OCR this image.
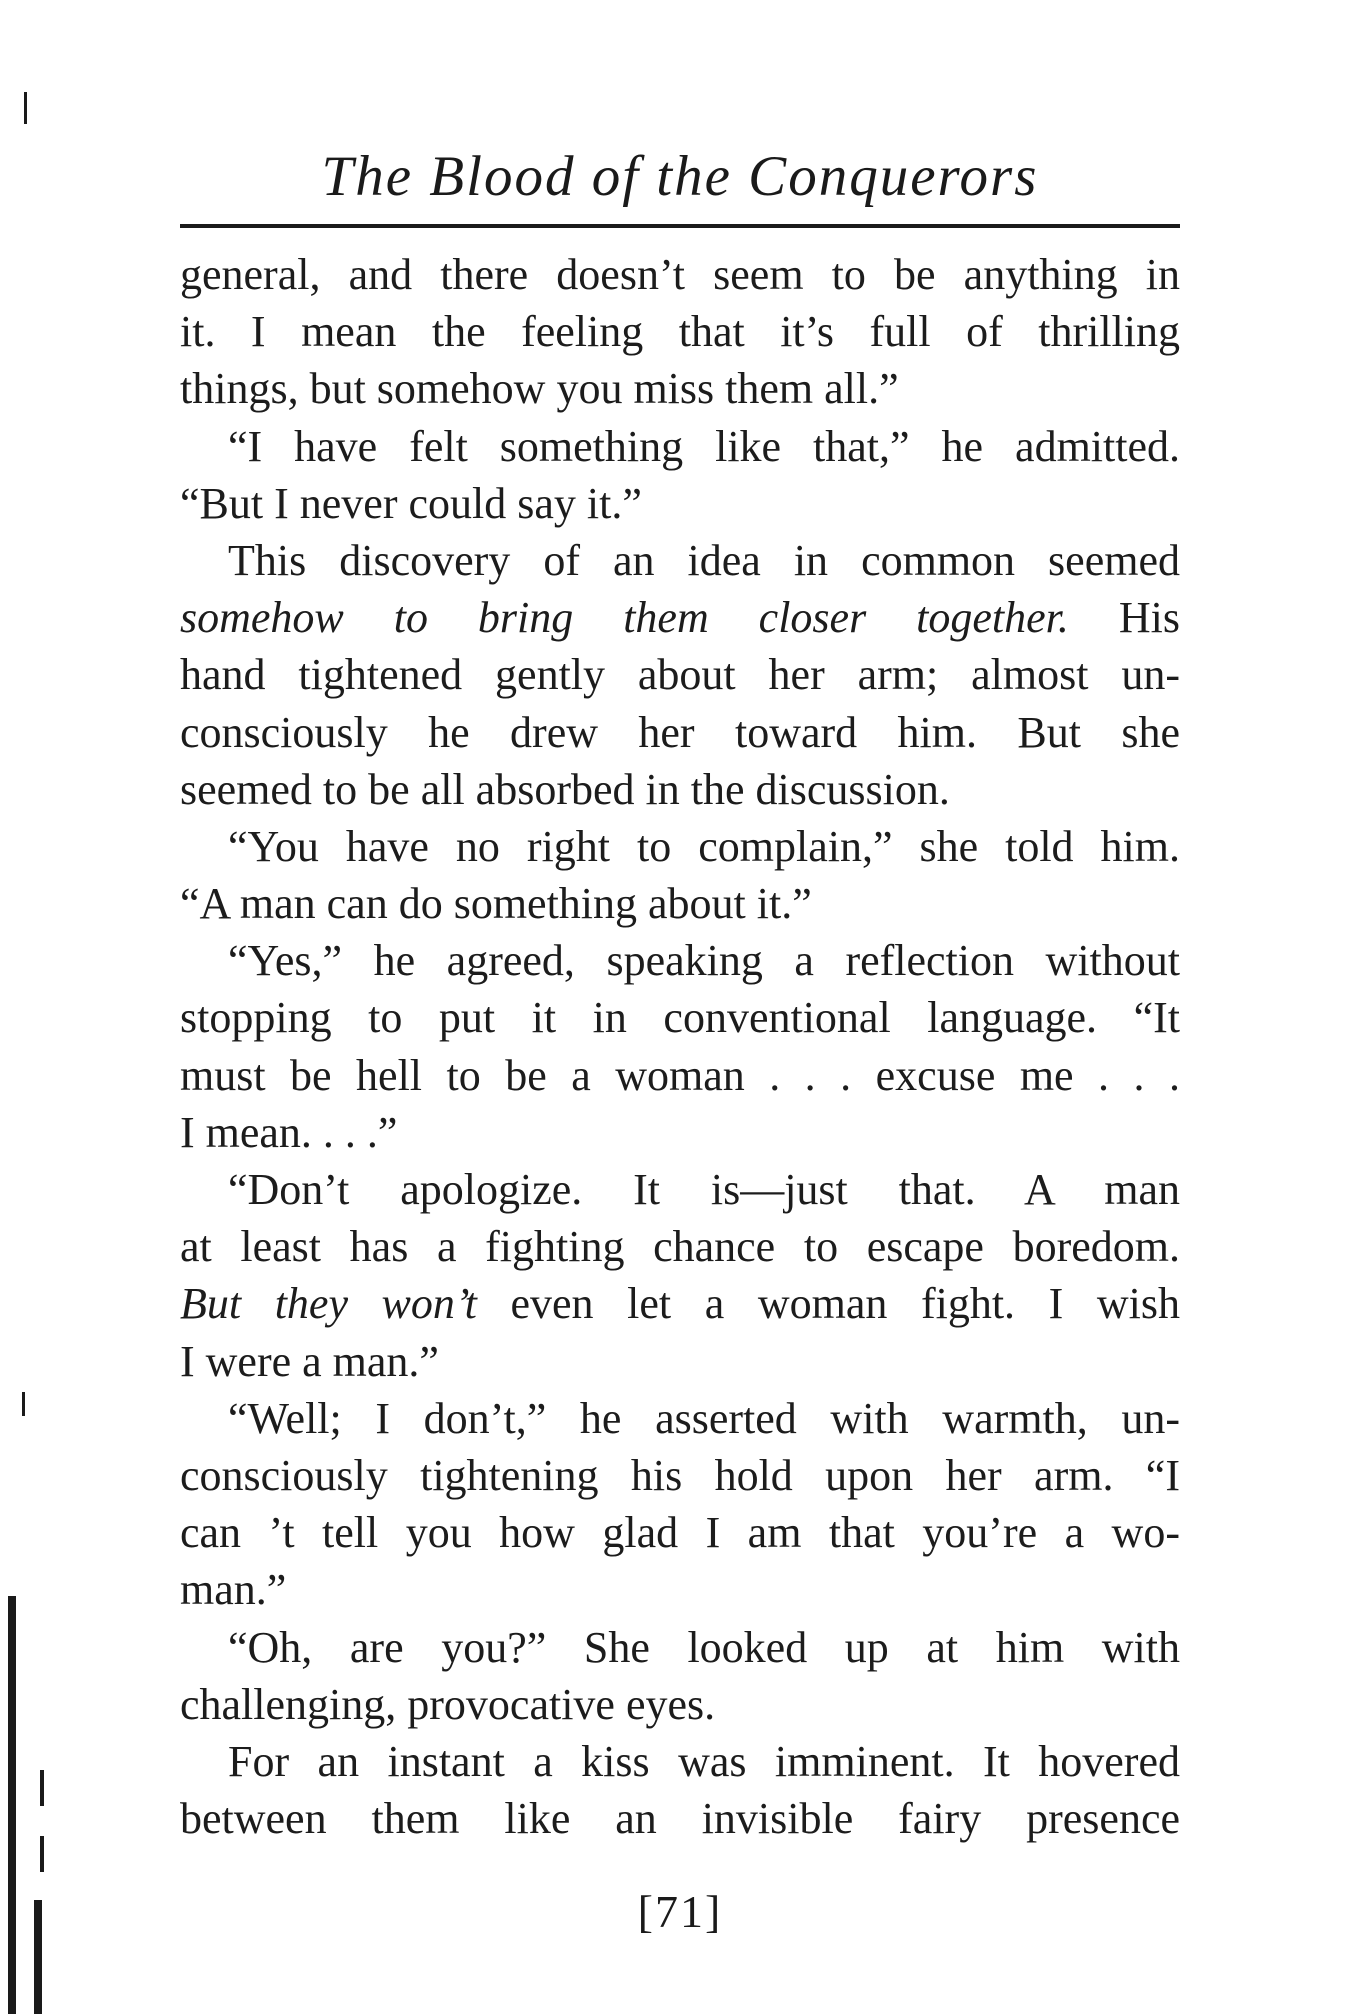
The Blood of the Conquerors
general, and there doesn’t seem to be anything in
it. I mean the feeling that it’s full of thrilling
things, but somehow you miss them all.”
“I have felt something like that,” he admitted.
“But I never could say it.”
This discovery of an idea in common seemed
somehow to bring them closer together. His
hand tightened gently about her arm; almost un-
consciously he drew her toward him. But she
seemed to be all absorbed in the discussion.
“You have no right to complain,” she told him.
“A man can do something about it.”
“Yes,” he agreed, speaking a reflection without
stopping to put it in conventional language. “It
must be hell to be a woman . . . excuse me . . .
I mean. . . .”
“Don’t apologize. It is—just that. A man
at least has a fighting chance to escape boredom.
But they won’t even let a woman fight. I wish
I were a man.”
“Well; I don’t,” he asserted with warmth, un-
consciously tightening his hold upon her arm. “I
can ’t tell you how glad I am that you’re a wo-
man.”
“Oh, are you?” She looked up at him with
challenging, provocative eyes.
For an instant a kiss was imminent. It hovered
between them like an invisible fairy presence
[71]
